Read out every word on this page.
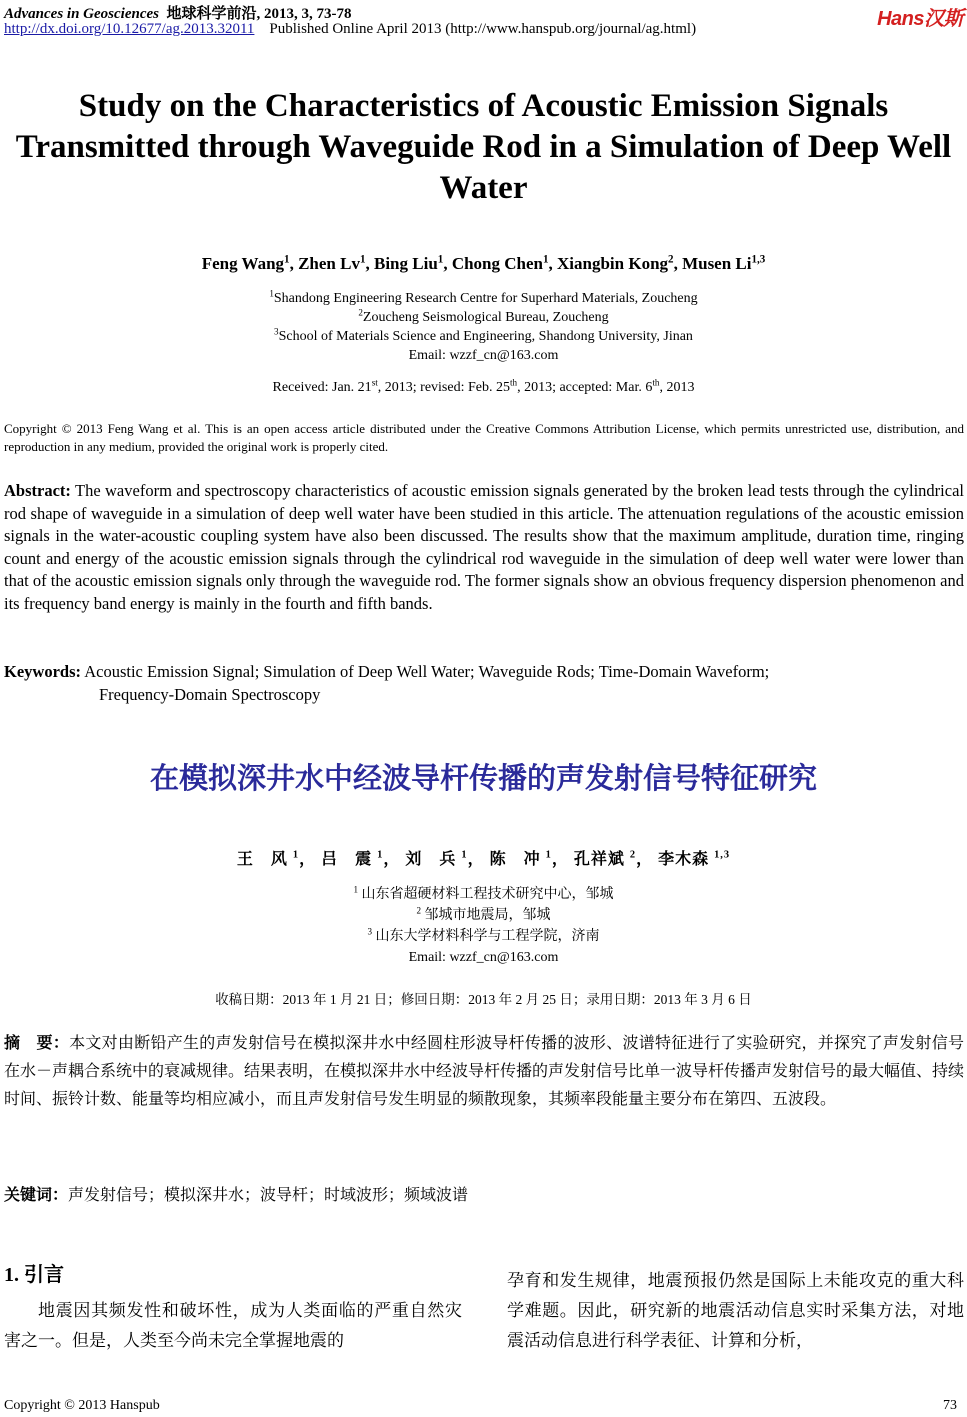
Advances in Geosciences 地球科学前沿, 2013, 3, 73-78
http://dx.doi.org/10.12677/ag.2013.32011 Published Online April 2013 (http://www.hanspub.org/journal/ag.html)	Hans汉斯
Study on the Characteristics of Acoustic Emission Signals Transmitted through Waveguide Rod in a Simulation of Deep Well Water
Feng Wang$^1$, Zhen Lv$^1$, Bing Liu$^1$, Chong Chen$^1$, Xiangbin Kong$^2$, Musen Li$^{1,3}$
$^1$Shandong Engineering Research Centre for Superhard Materials, Zoucheng
$^2$Zoucheng Seismological Bureau, Zoucheng
$^3$School of Materials Science and Engineering, Shandong University, Jinan
Email: wzzf_cn@163.com
Received: Jan. 21st, 2013; revised: Feb. 25th, 2013; accepted: Mar. 6th, 2013
Copyright © 2013 Feng Wang et al. This is an open access article distributed under the Creative Commons Attribution License, which permits unrestricted use, distribution, and reproduction in any medium, provided the original work is properly cited.
Abstract: The waveform and spectroscopy characteristics of acoustic emission signals generated by the broken lead tests through the cylindrical rod shape of waveguide in a simulation of deep well water have been studied in this article. The attenuation regulations of the acoustic emission signals in the water-acoustic coupling system have also been discussed. The results show that the maximum amplitude, duration time, ringing count and energy of the acoustic emission signals through the cylindrical rod waveguide in the simulation of deep well water were lower than that of the acoustic emission signals only through the waveguide rod. The former signals show an obvious frequency dispersion phenomenon and its frequency band energy is mainly in the fourth and fifth bands.
Keywords: Acoustic Emission Signal; Simulation of Deep Well Water; Waveguide Rods; Time-Domain Waveform;
Frequency-Domain Spectroscopy
在模拟深井水中经波导杆传播的声发射信号特征研究
王　风 $^1$， 吕　震 $^1$， 刘　兵 $^1$， 陈　冲 $^1$， 孔祥斌 $^2$， 李木森 $^{1,3}$
$^1$ 山东省超硬材料工程技术研究中心，邹城
$^2$ 邹城市地震局，邹城
$^3$ 山东大学材料科学与工程学院，济南
Email: wzzf_cn@163.com
收稿日期：2013 年 1 月 21 日；修回日期：2013 年 2 月 25 日；录用日期：2013 年 3 月 6 日
摘　要：本文对由断铅产生的声发射信号在模拟深井水中经圆柱形波导杆传播的波形、波谱特征进行了实验研究，并探究了声发射信号在水－声耦合系统中的衰减规律。结果表明，在模拟深井水中经波导杆传播的声发射信号比单一波导杆传播声发射信号的最大幅值、持续时间、振铃计数、能量等均相应减小，而且声发射信号发生明显的频散现象，其频率段能量主要分布在第四、五波段。
关键词：声发射信号；模拟深井水；波导杆；时域波形；频域波谱
1. 引言
地震因其频发性和破坏性，成为人类面临的严重自然灾害之一。但是，人类至今尚未完全掌握地震的
孕育和发生规律，地震预报仍然是国际上未能攻克的重大科学难题。因此，研究新的地震活动信息实时采集方法，对地震活动信息进行科学表征、计算和分析，
Copyright © 2013 Hanspub	73
